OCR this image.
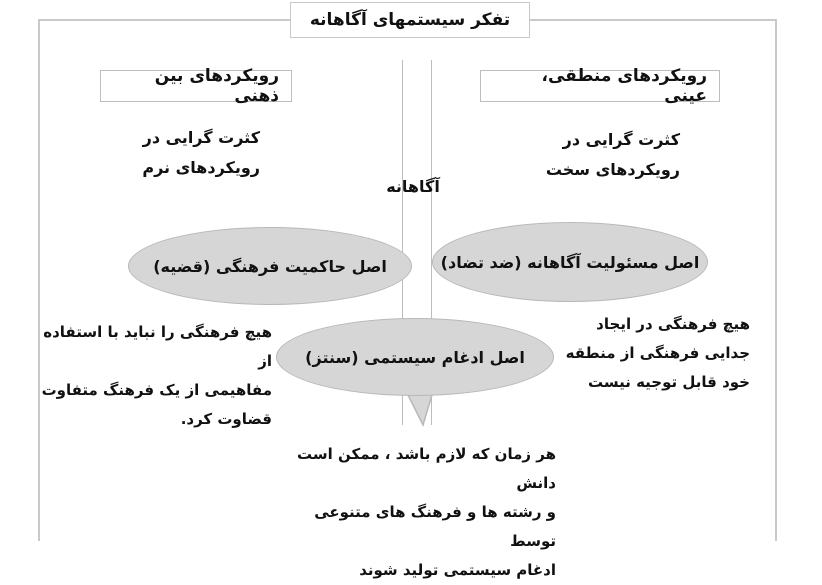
تفکر سیستمهای آگاهانه
رویکردهای بین ذهنی
رویکردهای منطقی، عینی
کثرت گرایی در
رویکردهای نرم
کثرت گرایی در
رویکردهای سخت
آگاهانه
اصل حاکمیت فرهنگی (قضیه)	اصل مسئولیت آگاهانه (ضد تضاد)
اصل ادغام سیستمی (سنتز)
هیچ فرهنگی را نباید با استفاده از
مفاهیمی از یک فرهنگ متفاوت
قضاوت کرد.
هیچ فرهنگی در ایجاد
جدایی فرهنگی از منطقه
خود قابل توجیه نیست
هر زمان که لازم باشد ، ممکن است دانش
و رشته ها و فرهنگ های متنوعی توسط
ادغام سیستمی تولید شوند
